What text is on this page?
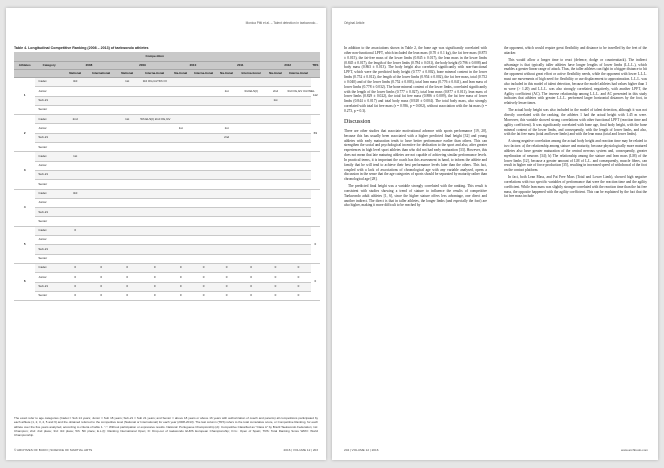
Monica Pitti et al. – Talent detection in taekwondo...
Table 4. Longitudinal Competitive Ranking (2008 – 2013) of taekwondo athletes
					Compe-tition							
Athletes	Category	2008		2009		2010		2011		2012		TRS
		National	International	National	Interna-tional	Na-tional	Interna-tional	Na-tional	Interna-tional	Na-tional	Interna-tional	
1	Cadet	3rd		1st	3rd OG,GV 5th OI							112
	Junior							1st	3rd ELS(I)	2nd	3rd OG,GV 3rd WEL	
	Sub-21									1st		
	Senior											
2	Cadet	2nd		1st	5th ELS(I) 2nd OG,GV							69
	Junior					1st		1st				
	Sub-21							2nd				
	Senior											
3	Cadet	1st										
	Junior											
	Sub-21											
	Senior											
4	Cadet	3rd										
	Junior											
	Sub-21											
	Senior											
5	Cadet	0										0
	Junior											
	Sub-21											
	Senior											
6	Cadet	0	0	0	0	0	0	0	0	0	0	0
	Junior	0	0	0	0	0	0	0	0	0	0	
	Sub-21	0	0	0	0	0	0	0	0	0	0	
	Senior	0	0	0	0	0	0	0	0	0	0	

The exact refer to age categories (Cadet = Sub 14 years; Junior = Sub 18 years; Sub-21 = Sub 21 years; and Senior = above 18 years or above 16 years with authorization of coach and parents) all competitions participated by each athlete (1, 2, 3, 4, 5 and 6) and the obtained referred to the competitive level (National or International) for each year (2008-2013). The last column (TRS) refers to the total cumulative score, or Competitive Ranking, for each athlete over the five years analyzed, according to criteria of table 1. "-": Without participation or expressive results. National: Portuguese Championship (A): Competitive Classified as "Class A" by Brazil Taekwondo Federation; 1st: Champion; 2nd: 2nd place; 3rd: 3rd place; 5th: 5th place; E.L.(I): Ranking International Open; D: Drop-out of taekwondo EURS European Championship; O.G.: Open of Spain; TRS: Total Ranking Score WRO: World Championship.

© ARCHIVES OF BUDO | SCIENCE OF MARTIAL ARTS	2016 | VOLUME 12 | 203
Original Article

In addition to the associations shown in Table 2, the bone age was significantly correlated with other non-functional LPFT, which included the lean mass (0.70 ± 0.1 kg), the fat free mass (0.875 ± 0.015), the fat-free mass of the lower limbs (0.845 ± 0.017), the lean mass in the lower limbs (0.845 ± 0.017), the length of the lower limbs (0.784 ± 0.031), the body height (0.796 ± 0.008) and body mass (0.863 ± 0.013). The body height also correlated significantly with non-functional LPFT, which were the predicted body height (0.777 ± 0.002), bone mineral content in the lower limbs (0.752 ± 0.012), the length of the lower limbs (0.954 ± 0.002), the fat free mass, total (0.752 ± 0.040) and of the lower limbs (0.752 ± 0.003), total lean mass (0.776 ± 0.041), and lean mass of lower limbs (0.778 ± 0.032). The bone mineral content of the lower limbs, correlated significantly with the length of the lower limbs (0.777 ± 0.027), total lean mass (0.877 ± 0.011), lean mass of lower limbs (0.829 ± 0.022), the total fat free mass (0.886 ± 0.009), the fat free mass of lower limbs (0.844 ± 0.017) and total body mass (0.928 ± 0.004). The total body mass, also strongly correlated with total fat free mass (r = 0.936, p = 0.002), without association with the fat mass (r = 0.273, p = 0.3).

Discussion

There are other studies that associate motivational advance with sports performance [19, 20], because this has usually been associated with a higher predicted final height [32] and young athletes with early maturation tends to have better performance earlier than others. This can strengthen the social and psychological incentive for dedication to the sport and also, after greater experiences in high level sport athletes than who did not had early maturation [33]. However, this does not mean that late maturing athletes are not capable of achieving similar performance levels. In practical terms, it is important the coach has this assessment in hand, to inform the athlete and family that he will tend to achieve their best performance levels later than the others. This fact, coupled with a lack of associations of chronological age with any variable analysed, opens a discussion in the sense that the age categories of sports should be separated by maturity rather than chronological age [28].

The predicted final height was a variable strongly correlated with the ranking. This result is consistent with studies showing a trend of stature to influence the results of competitive Taekwondo adult athletes [1, 6], since the higher stature offers less advantage, one direct and another indirect. The direct is that in taller athletes, the longer limbs (and especially the foot) are also higher, making it more difficult to be reached by

the opponent, which would require great flexibility and distance to be travelled by the feet of the attacker.

This would allow a longer time to react (defence, dodge or counterattack). The indirect advantage is that typically taller athletes have longer lengths of lower limbs (L.L.L.), which enables a greater linear range of attack. Thus, the taller athletes can fight in a bigger distance to hit the opponent without great effort or active flexibility needs, while the opponent with lower L.L.L. must use movements of high need for flexibility or use displacement to approximation. L.L.L. was also included in this model of talent detection, because the model athletes had values higher than 1 m were (> 1.20) and L.L.L. was also strongly correlated, negatively, with another LPFT, the Agility coefficient (AC). The inverse relationship among L.L.L. and AC presented in this study indicates that athletes with greater L.L.L. performed larger horizontal distances by the foot, in relatively lesser times.

The actual body height was also included in the model of talent detection, although it was not directly correlated with the ranking, the athletes 1 had the actual height with 1.45 m were. Moreover, this variable showed strong correlations with other functional LPFT (reaction time and agility coefficient). It was significantly correlated with bone age, final body height, with the bone mineral content of the lower limbs, and consequently, with the length of lower limbs, and also, with the fat free mass (total and lower limbs) and with the lean mass (total and lower limbs).

A strong negative correlation among the actual body height and reaction time may be related to two factors: a) the relationship among stature and maturity, because physiologically more matured athletes also have greater maturation of the central nervous system and, consequently, greater myelination of neurons [34]; b) The relationship among the stature and lean mass (LM) of the lower limbs [12], because a greater amount of LM of L.L. and consequently, muscle fibers, can result in higher rate of force production [35], resulting in increased speed of withdrawal of the foot on the contact platform.

In fact, both Lean Mass, and Fat Free Mass (Total and Lower Limb), showed high negative correlations with two specific variables of performance that were the reaction time and the agility coefficient. While lean mass was slightly stronger correlated with the reaction time than the fat free mass, the opposite happened with the agility coefficient. This can be explained by the fact that the fat free mass include

204 | VOLUME 12 | 2016	www.archbudo.com
